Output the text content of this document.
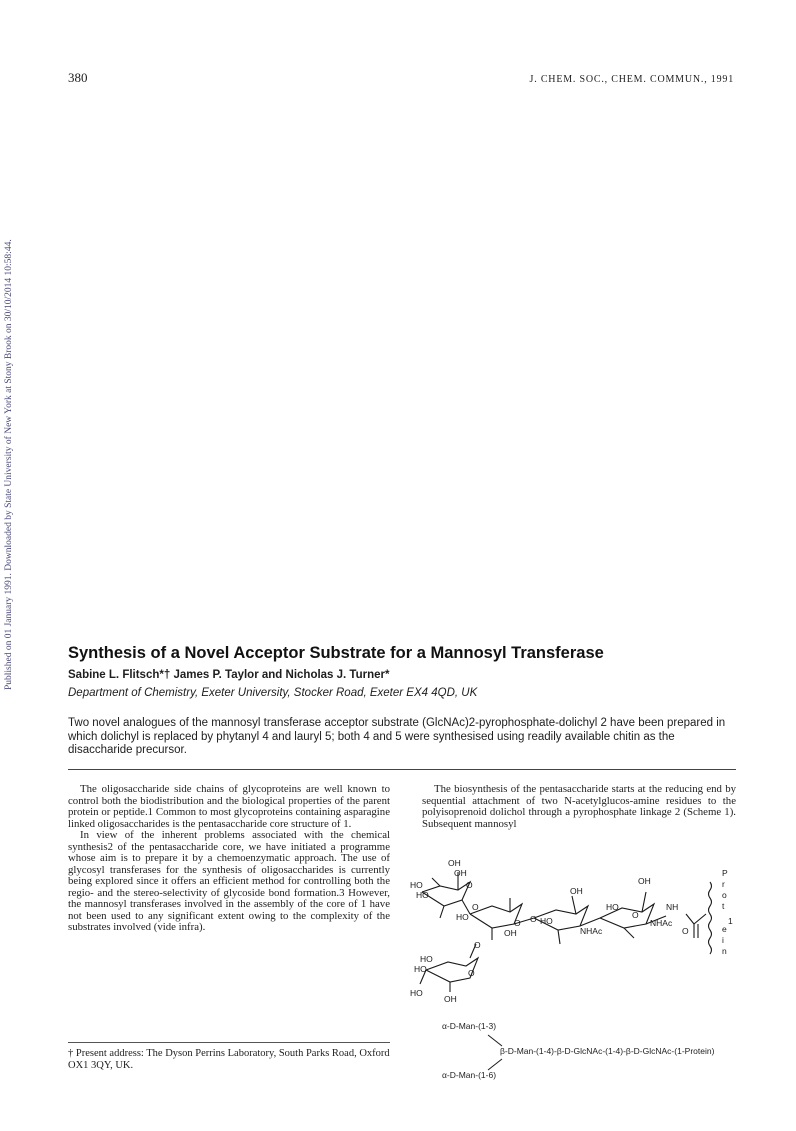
380	J. CHEM. SOC., CHEM. COMMUN., 1991
Published on 01 January 1991. Downloaded by State University of New York at Stony Brook on 30/10/2014 10:58:44.	Synthesis of a Novel Acceptor Substrate for a Mannosyl Transferase
Sabine L. Flitsch*† James P. Taylor and Nicholas J. Turner*
Department of Chemistry, Exeter University, Stocker Road, Exeter EX4 4QD, UK

Two novel analogues of the mannosyl transferase acceptor substrate (GlcNAc)2-pyrophosphate-dolichyl 2 have been prepared in which dolichyl is replaced by phytanyl 4 and lauryl 5; both 4 and 5 were synthesised using readily available chitin as the disaccharide precursor.

The oligosaccharide side chains of glycoproteins are well known to control both the biodistribution and the biological properties of the parent protein or peptide.1 Common to most glycoproteins containing asparagine linked oligosaccharides is the pentasaccharide core structure of 1.

In view of the inherent problems associated with the chemical synthesis2 of the pentasaccharide core, we have initiated a programme whose aim is to prepare it by a chemoenzymatic approach. The use of glycosyl transferases for the synthesis of oligosaccharides is currently being explored since it offers an efficient method for controlling both the regio- and the stereo-selectivity of glycoside bond formation.3 However, the mannosyl transferases involved in the assembly of the core of 1 have not been used to any significant extent owing to the complexity of the substrates involved (vide infra).

The biosynthesis of the pentasaccharide starts at the reducing end by sequential attachment of two N-acetylglucos-amine residues to the polyisoprenoid dolichol through a pyrophosphate linkage 2 (Scheme 1). Subsequent mannosyl

OH
OH
HO
HO
O
OH
OH
HO
O
O O
OH
HO
NHAc
HO	NH
NHAc
O
1
O
O
HO
HO	O
OH
HO
P
r
o
t
e
i
n
α-D-Man-(1-3)
β-D-Man-(1-4)-β-D-GlcNAc-(1-4)-β-D-GlcNAc-(1-Protein)
α-D-Man-(1-6)
† Present address: The Dyson Perrins Laboratory, South Parks Road, Oxford OX1 3QY, UK.
